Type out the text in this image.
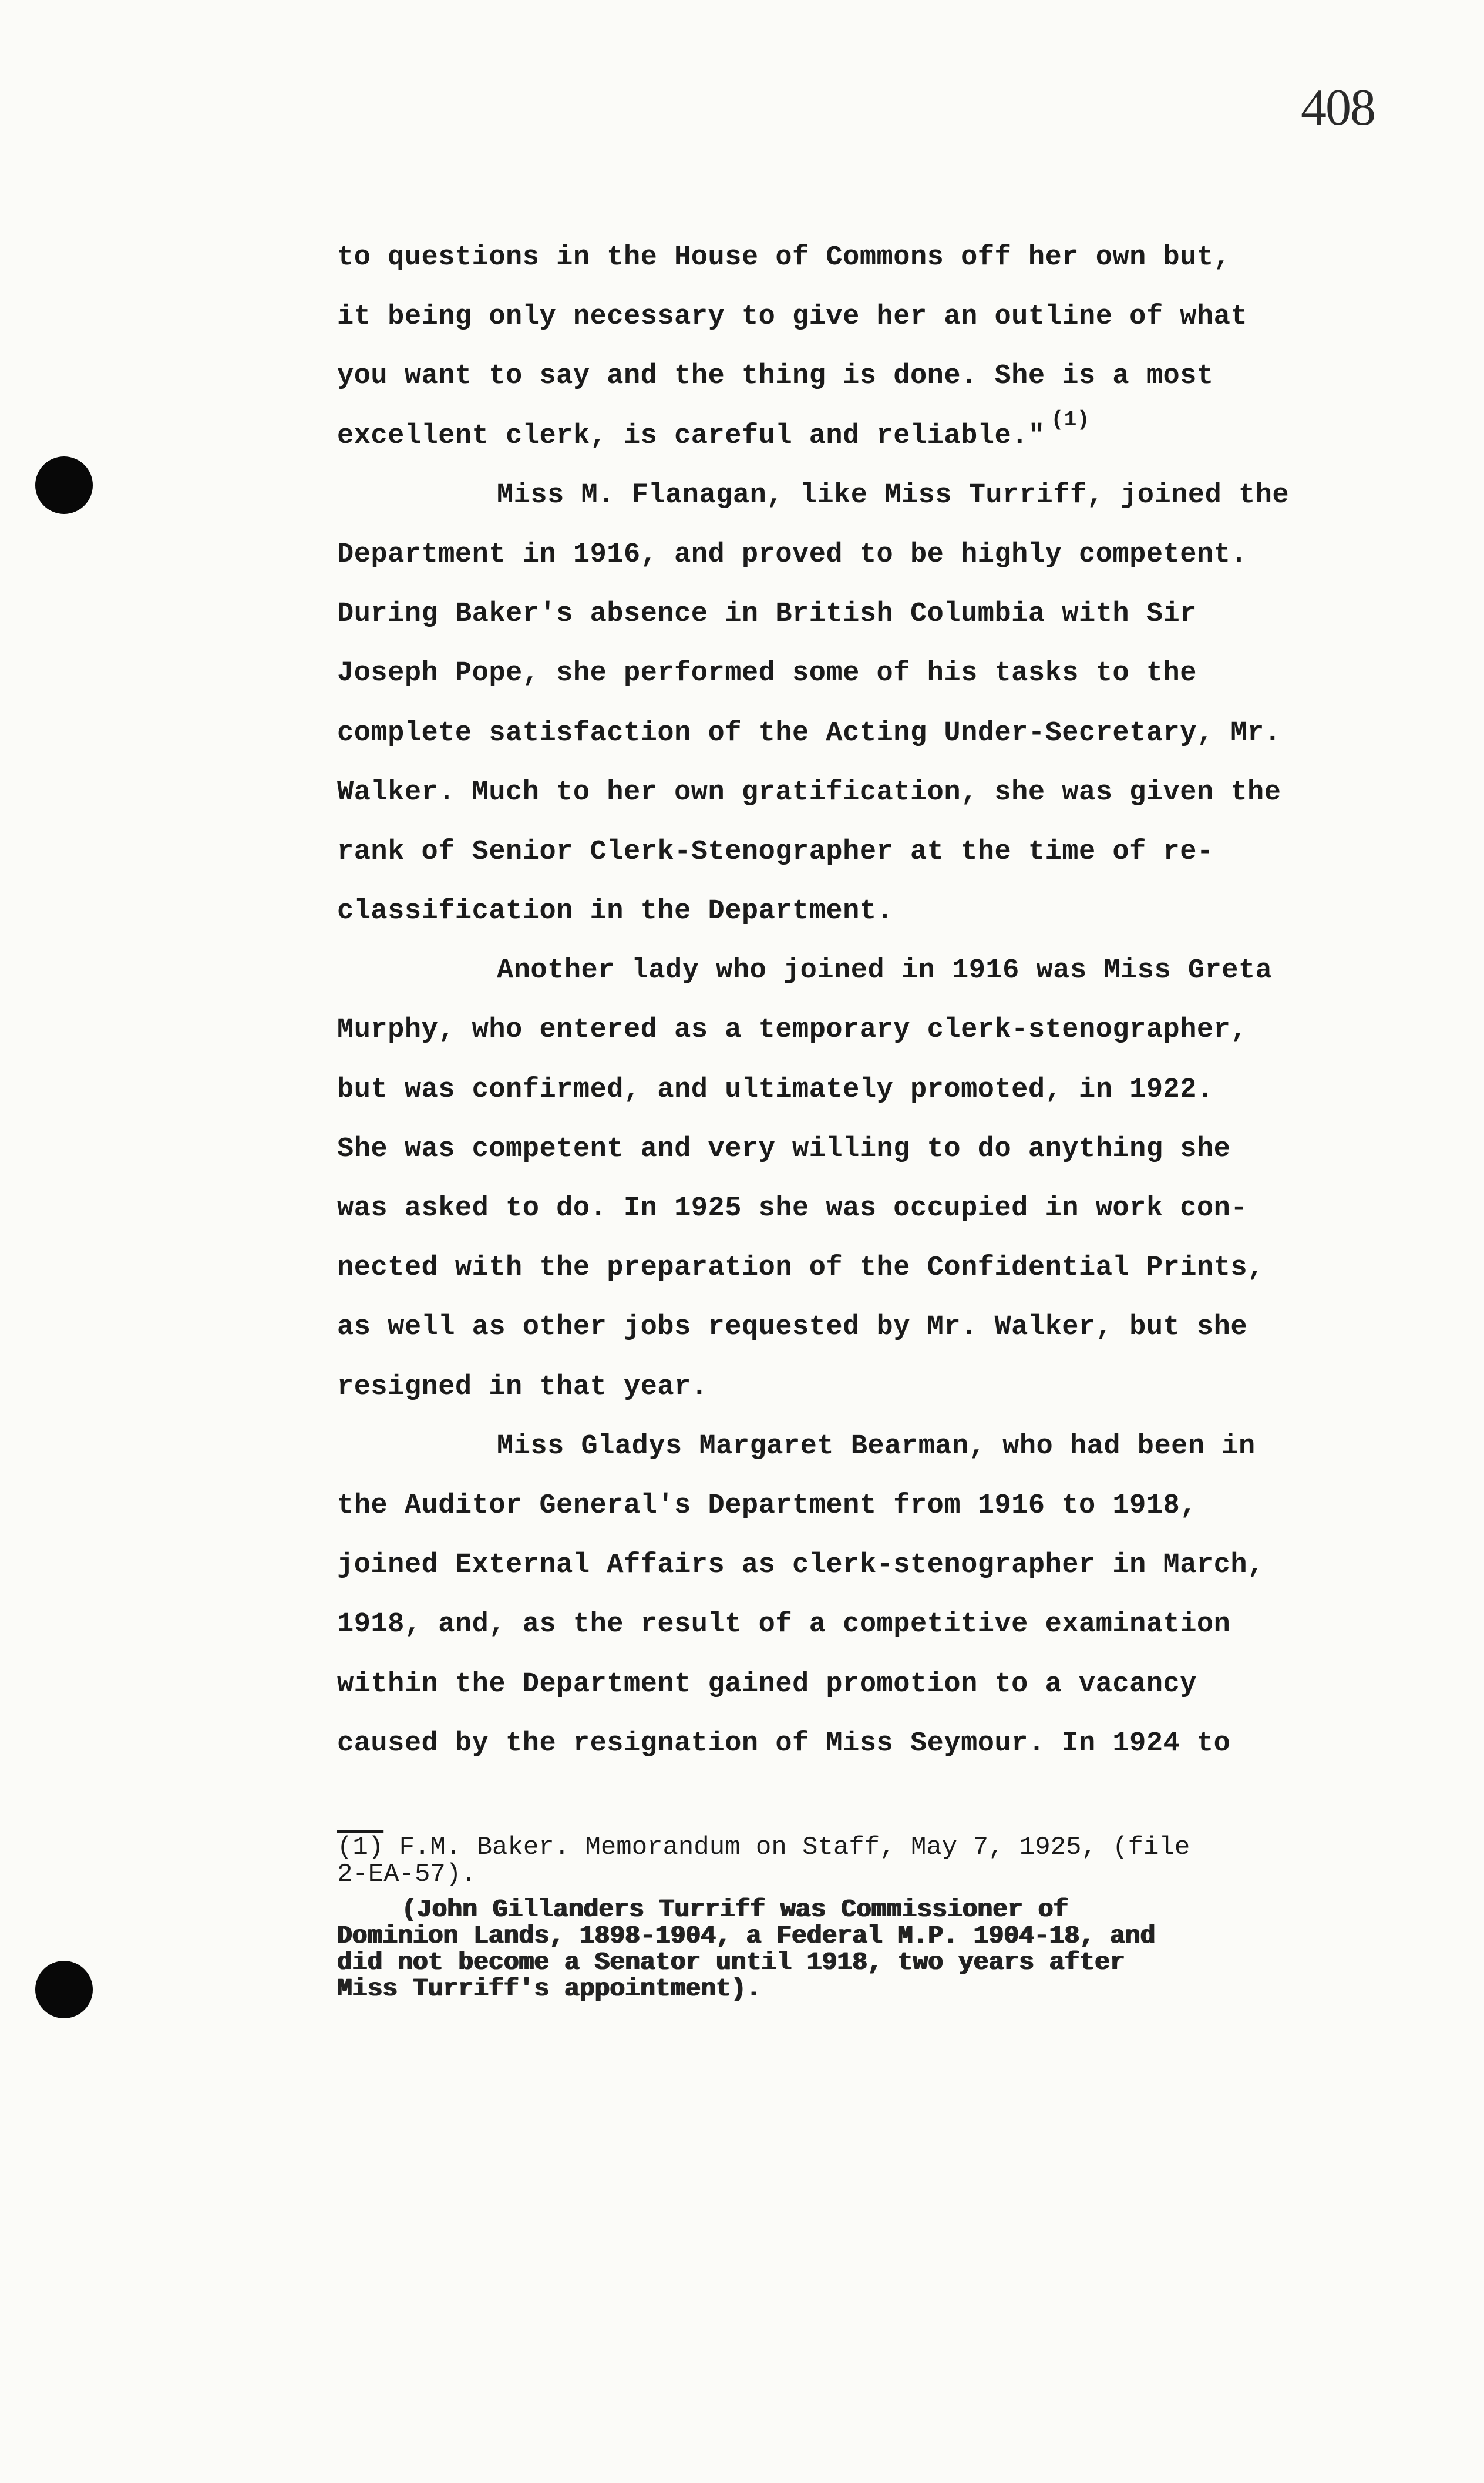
408
to questions in the House of Commons off her own but,
it being only necessary to give her an outline of what
you want to say and the thing is done. She is a most
excellent clerk, is careful and reliable."$^{(1)}$
Miss M. Flanagan, like Miss Turriff, joined the
Department in 1916, and proved to be highly competent.
During Baker's absence in British Columbia with Sir
Joseph Pope, she performed some of his tasks to the
complete satisfaction of the Acting Under-Secretary, Mr.
Walker. Much to her own gratification, she was given the
rank of Senior Clerk-Stenographer at the time of re-
classification in the Department.
Another lady who joined in 1916 was Miss Greta
Murphy, who entered as a temporary clerk-stenographer,
but was confirmed, and ultimately promoted, in 1922.
She was competent and very willing to do anything she
was asked to do. In 1925 she was occupied in work con-
nected with the preparation of the Confidential Prints,
as well as other jobs requested by Mr. Walker, but she
resigned in that year.
Miss Gladys Margaret Bearman, who had been in
the Auditor General's Department from 1916 to 1918,
joined External Affairs as clerk-stenographer in March,
1918, and, as the result of a competitive examination
within the Department gained promotion to a vacancy
caused by the resignation of Miss Seymour. In 1924 to
(1) F.M. Baker. Memorandum on Staff, May 7, 1925, (file
2-EA-57).
(John Gillanders Turriff was Commissioner of
Dominion Lands, 1898-1904, a Federal M.P. 1904-18, and
did not become a Senator until 1918, two years after
Miss Turriff's appointment).
